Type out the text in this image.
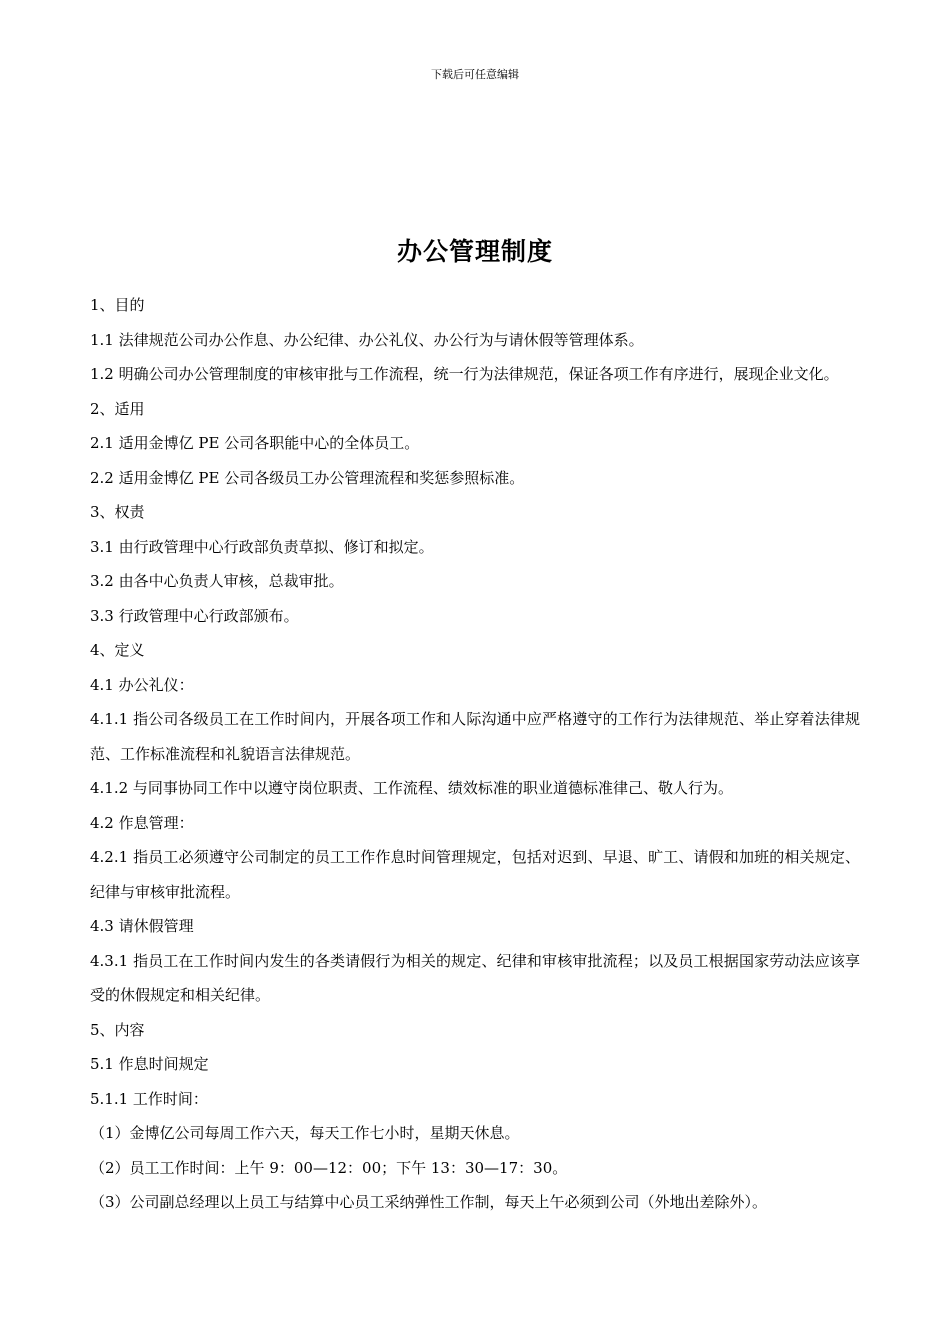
下载后可任意编辑
办公管理制度

1、目的

1.1 法律规范公司办公作息、办公纪律、办公礼仪、办公行为与请休假等管理体系。

1.2 明确公司办公管理制度的审核审批与工作流程，统一行为法律规范，保证各项工作有序进行，展现企业文化。

2、适用

2.1 适用金博亿 PE 公司各职能中心的全体员工。

2.2 适用金博亿 PE 公司各级员工办公管理流程和奖惩参照标准。

3、权责

3.1 由行政管理中心行政部负责草拟、修订和拟定。

3.2 由各中心负责人审核，总裁审批。

3.3 行政管理中心行政部颁布。

4、定义

4.1 办公礼仪：

4.1.1 指公司各级员工在工作时间内，开展各项工作和人际沟通中应严格遵守的工作行为法律规范、举止穿着法律规范、工作标准流程和礼貌语言法律规范。

4.1.2 与同事协同工作中以遵守岗位职责、工作流程、绩效标准的职业道德标准律己、敬人行为。

4.2 作息管理：

4.2.1 指员工必须遵守公司制定的员工工作作息时间管理规定，包括对迟到、早退、旷工、请假和加班的相关规定、纪律与审核审批流程。

4.3 请休假管理

4.3.1 指员工在工作时间内发生的各类请假行为相关的规定、纪律和审核审批流程；以及员工根据国家劳动法应该享受的休假规定和相关纪律。

5、内容

5.1 作息时间规定

5.1.1 工作时间：

（1）金博亿公司每周工作六天，每天工作七小时，星期天休息。

（2）员工工作时间：上午 9：00—12：00；下午 13：30—17：30。

（3）公司副总经理以上员工与结算中心员工采纳弹性工作制，每天上午必须到公司（外地出差除外）。
